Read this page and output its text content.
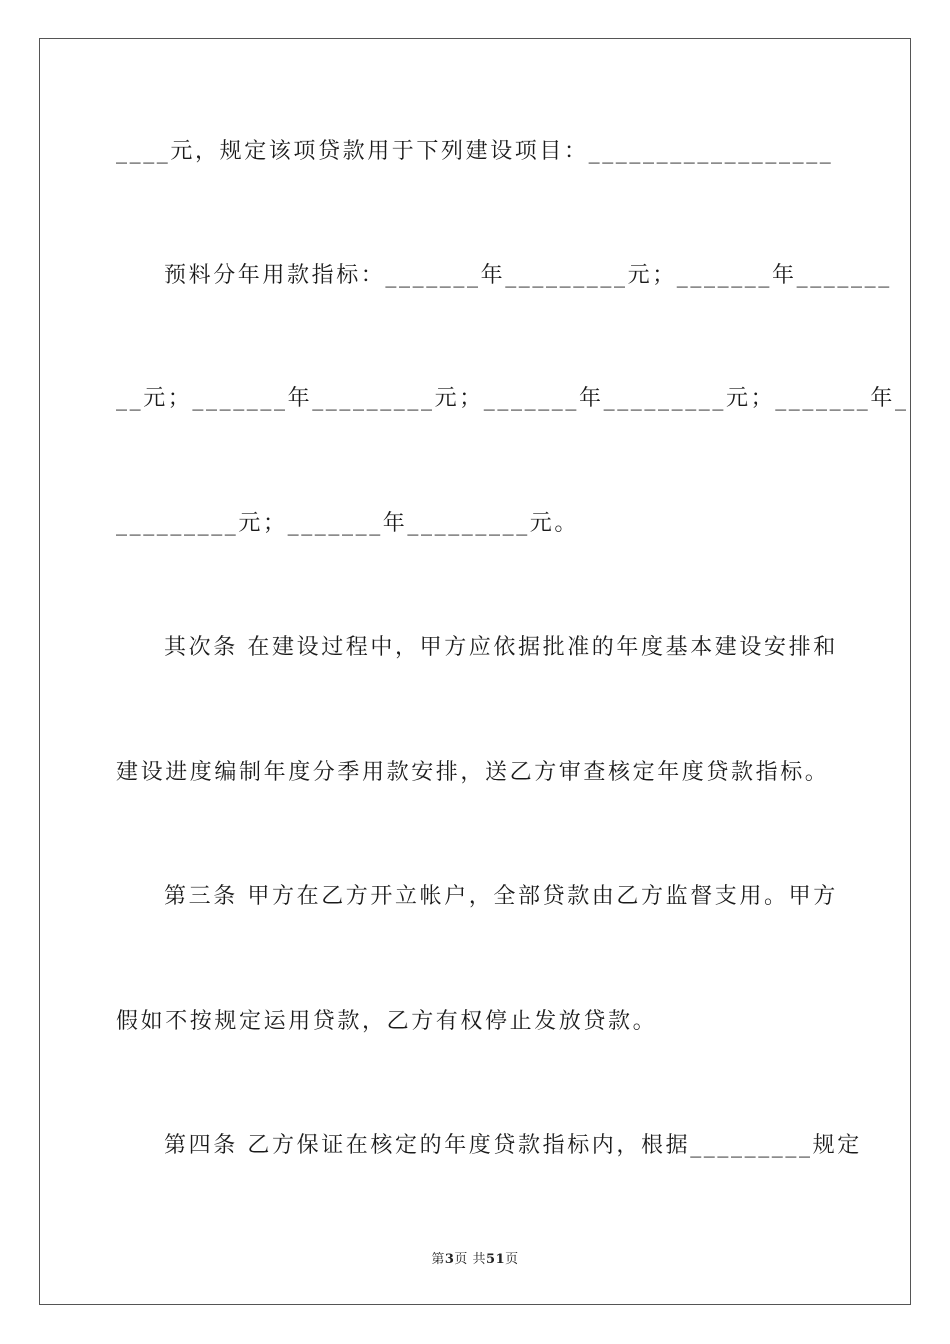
____元，规定该项贷款用于下列建设项目：__________________
预料分年用款指标：_______年_________元；_______年_______
__元；_______年_________元；_______年_________元；_______年_
_________元；_______年_________元。
其次条 在建设过程中，甲方应依据批准的年度基本建设安排和
建设进度编制年度分季用款安排，送乙方审查核定年度贷款指标。
第三条 甲方在乙方开立帐户，全部贷款由乙方监督支用。甲方
假如不按规定运用贷款，乙方有权停止发放贷款。
第四条 乙方保证在核定的年度贷款指标内，根据_________规定
第3页 共51页
